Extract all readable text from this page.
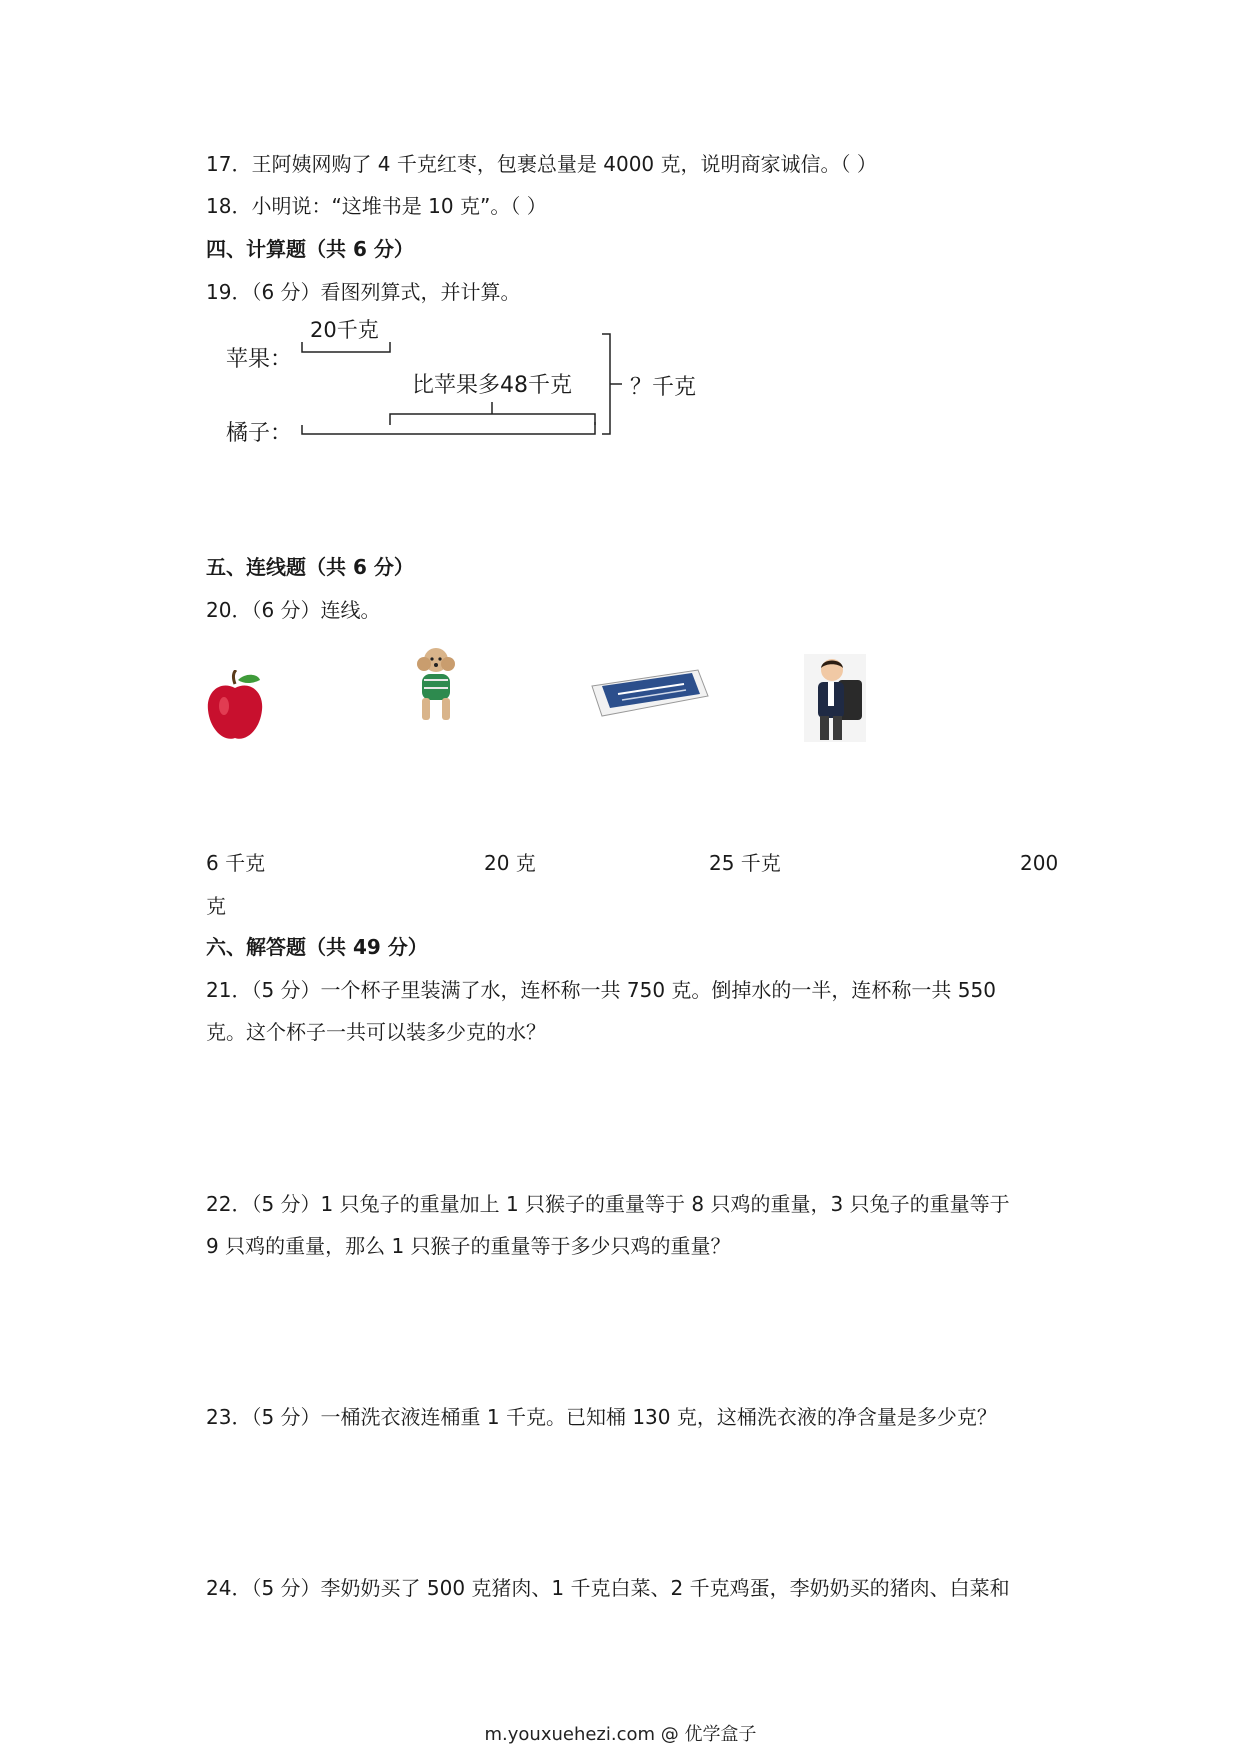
17．王阿姨网购了 4 千克红枣，包裹总量是 4000 克，说明商家诚信。（ ）
18．小明说：“这堆书是 10 克”。（ ）
四、计算题（共 6 分）
19．（6 分）看图列算式，并计算。
苹果：
20千克
比苹果多48千克	？千克
橘子：
五、连线题（共 6 分）
20．（6 分）连线。
6 千克	20 克	25 千克	200
克
六、解答题（共 49 分）
21．（5 分）一个杯子里装满了水，连杯称一共 750 克。倒掉水的一半，连杯称一共 550
克。这个杯子一共可以装多少克的水？
22．（5 分）1 只兔子的重量加上 1 只猴子的重量等于 8 只鸡的重量，3 只兔子的重量等于
9 只鸡的重量，那么 1 只猴子的重量等于多少只鸡的重量？
23．（5 分）一桶洗衣液连桶重 1 千克。已知桶 130 克，这桶洗衣液的净含量是多少克？
24．（5 分）李奶奶买了 500 克猪肉、1 千克白菜、2 千克鸡蛋，李奶奶买的猪肉、白菜和
m.youxuehezi.com @ 优学盒子
